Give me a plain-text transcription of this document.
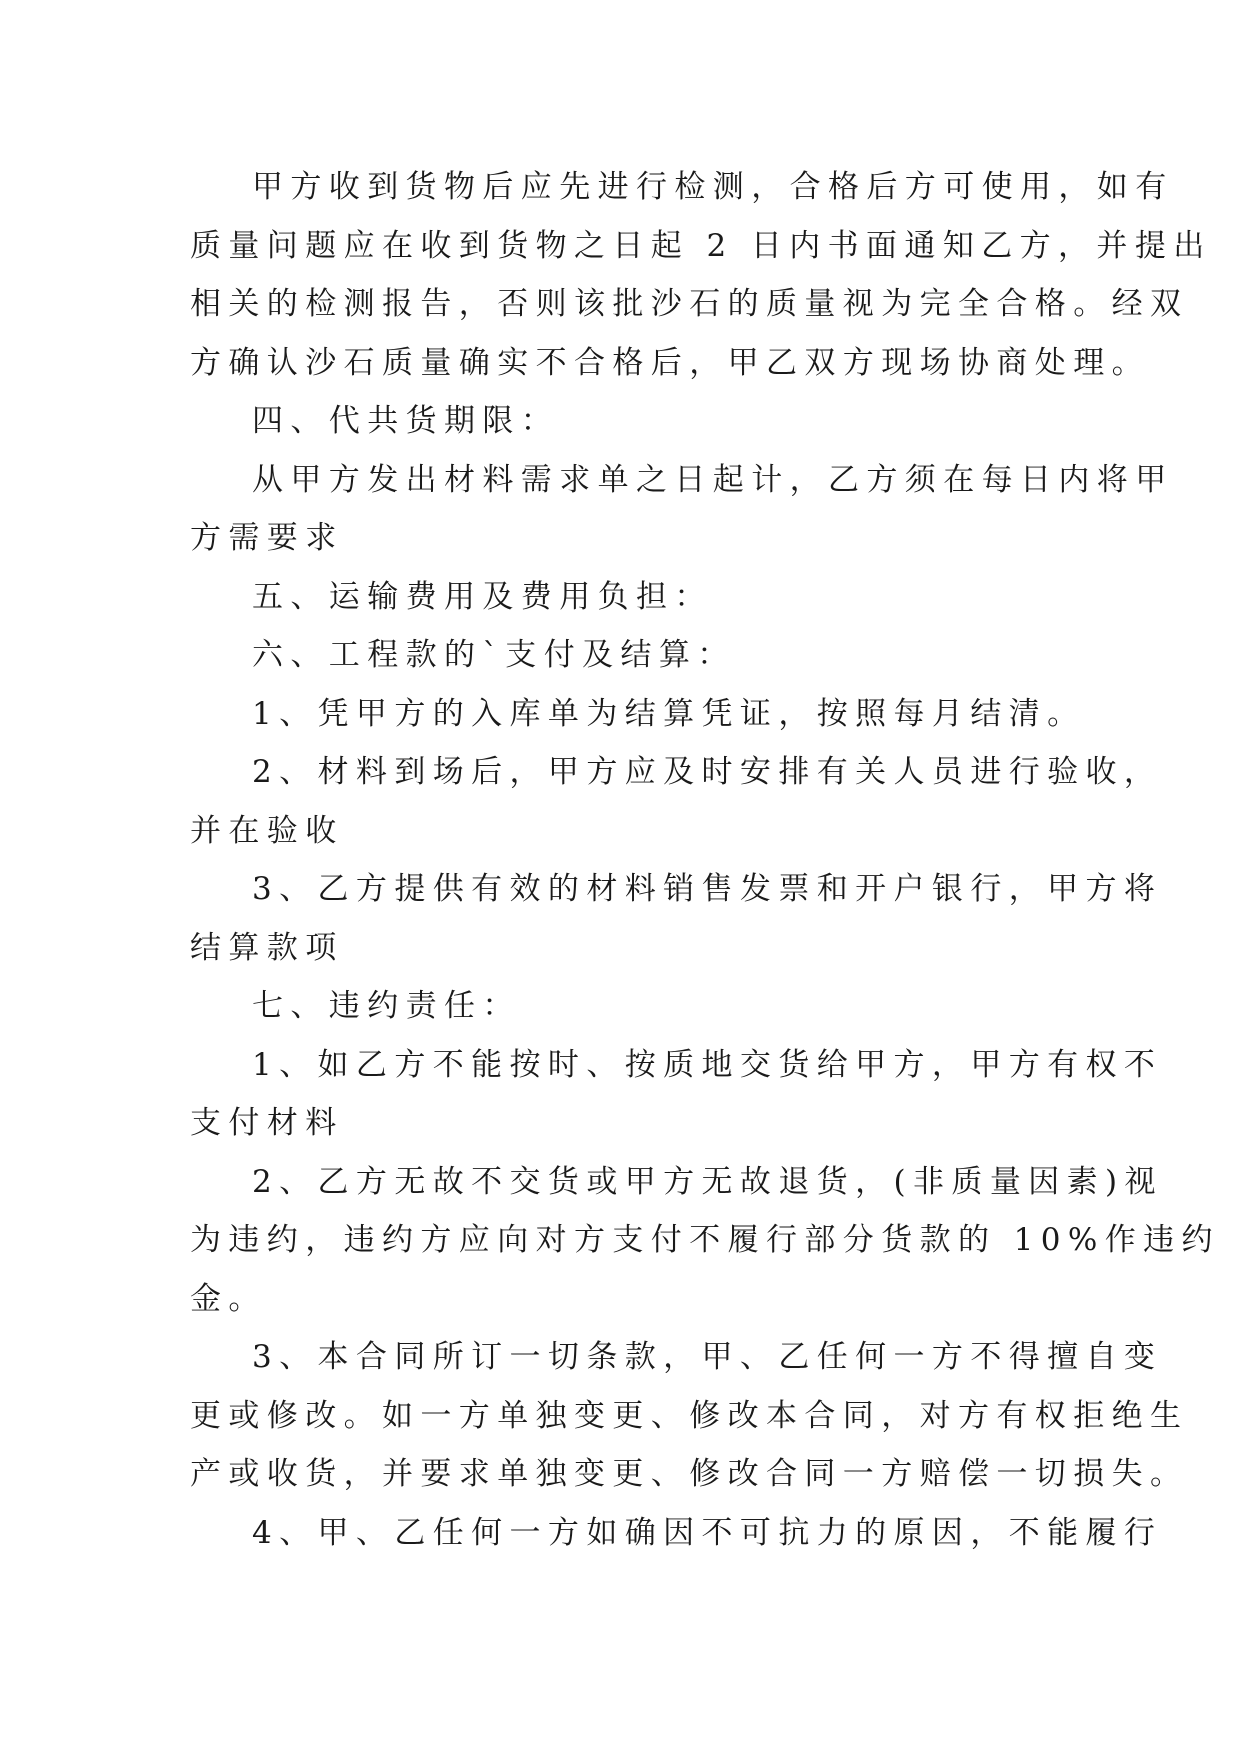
甲方收到货物后应先进行检测，合格后方可使用，如有
质量问题应在收到货物之日起 2 日内书面通知乙方，并提出
相关的检测报告，否则该批沙石的质量视为完全合格。经双
方确认沙石质量确实不合格后，甲乙双方现场协商处理。
四、代共货期限：
从甲方发出材料需求单之日起计，乙方须在每日内将甲
方需要求
五、运输费用及费用负担：
六、工程款的`支付及结算：
1、凭甲方的入库单为结算凭证，按照每月结清。
2、材料到场后，甲方应及时安排有关人员进行验收，
并在验收
3、乙方提供有效的材料销售发票和开户银行，甲方将
结算款项
七、违约责任：
1、如乙方不能按时、按质地交货给甲方，甲方有权不
支付材料
2、乙方无故不交货或甲方无故退货，(非质量因素)视
为违约，违约方应向对方支付不履行部分货款的 10%作违约
金。
3、本合同所订一切条款，甲、乙任何一方不得擅自变
更或修改。如一方单独变更、修改本合同，对方有权拒绝生
产或收货，并要求单独变更、修改合同一方赔偿一切损失。
4、甲、乙任何一方如确因不可抗力的原因，不能履行
